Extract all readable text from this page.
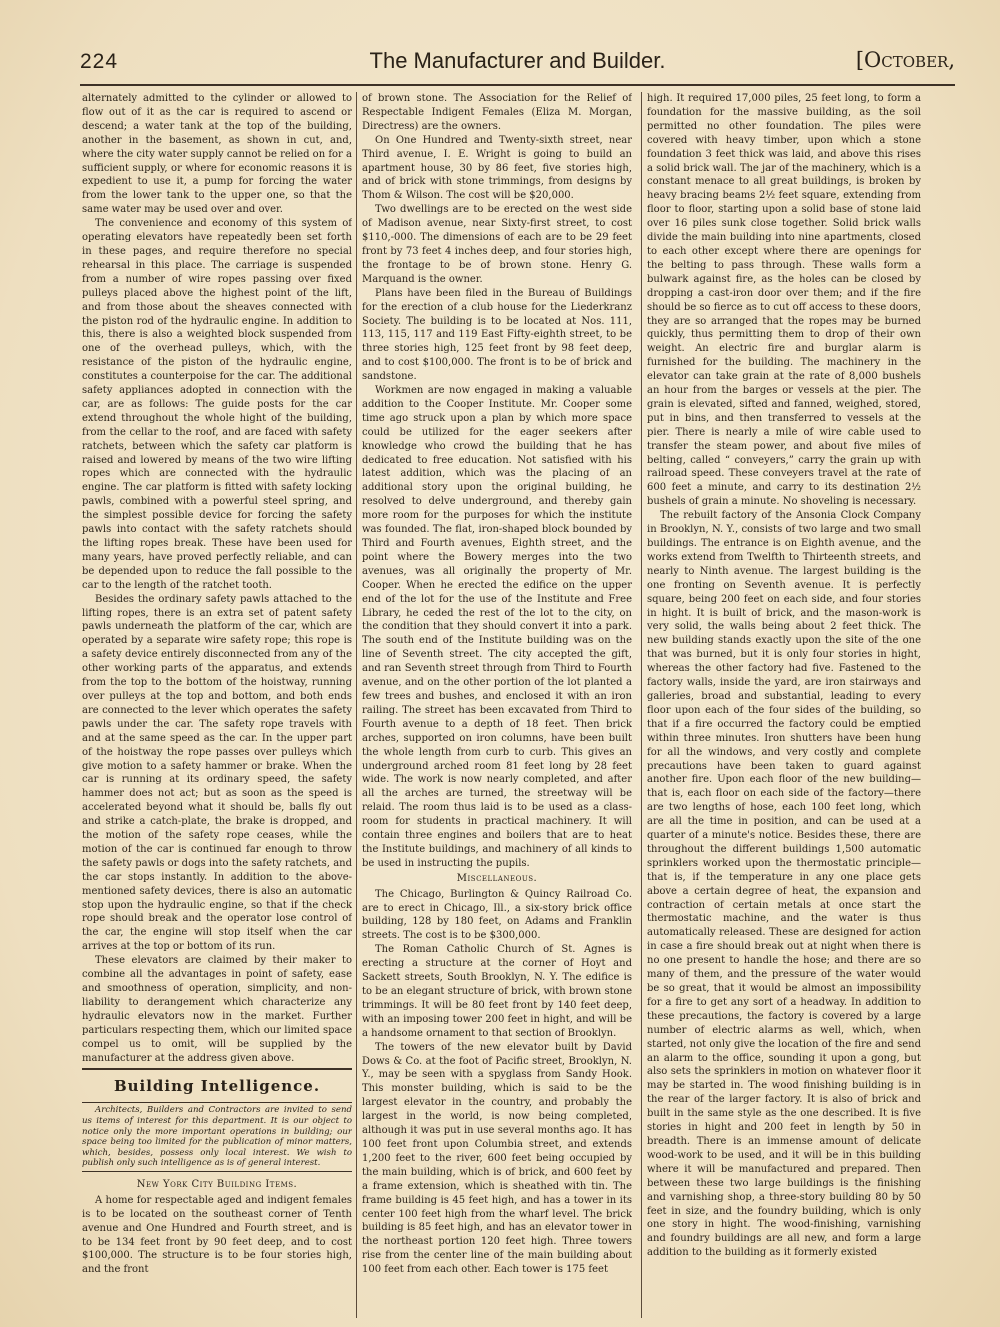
224	The Manufacturer and Builder.	[October,

alternately admitted to the cylinder or allowed to flow out of it as the car is required to ascend or descend; a water tank at the top of the building, another in the basement, as shown in cut, and, where the city water supply cannot be relied on for a sufficient supply, or where for economic reasons it is expedient to use it, a pump for forcing the water from the lower tank to the upper one, so that the same water may be used over and over.

The convenience and economy of this system of operating elevators have repeatedly been set forth in these pages, and require therefore no special rehearsal in this place. The carriage is suspended from a number of wire ropes passing over fixed pulleys placed above the highest point of the lift, and from those about the sheaves connected with the piston rod of the hydraulic engine. In addition to this, there is also a weighted block suspended from one of the overhead pulleys, which, with the resistance of the piston of the hydraulic engine, constitutes a counterpoise for the car. The additional safety appliances adopted in connection with the car, are as follows: The guide posts for the car extend throughout the whole hight of the building, from the cellar to the roof, and are faced with safety ratchets, between which the safety car platform is raised and lowered by means of the two wire lifting ropes which are connected with the hydraulic engine. The car platform is fitted with safety locking pawls, combined with a powerful steel spring, and the simplest possible device for forcing the safety pawls into contact with the safety ratchets should the lifting ropes break. These have been used for many years, have proved perfectly reliable, and can be depended upon to reduce the fall possible to the car to the length of the ratchet tooth.

Besides the ordinary safety pawls attached to the lifting ropes, there is an extra set of patent safety pawls underneath the platform of the car, which are operated by a separate wire safety rope; this rope is a safety device entirely disconnected from any of the other working parts of the apparatus, and extends from the top to the bottom of the hoistway, running over pulleys at the top and bottom, and both ends are connected to the lever which operates the safety pawls under the car. The safety rope travels with and at the same speed as the car. In the upper part of the hoistway the rope passes over pulleys which give motion to a safety hammer or brake. When the car is running at its ordinary speed, the safety hammer does not act; but as soon as the speed is accelerated beyond what it should be, balls fly out and strike a catch-plate, the brake is dropped, and the motion of the safety rope ceases, while the motion of the car is continued far enough to throw the safety pawls or dogs into the safety ratchets, and the car stops instantly. In addition to the above-mentioned safety devices, there is also an automatic stop upon the hydraulic engine, so that if the check rope should break and the operator lose control of the car, the engine will stop itself when the car arrives at the top or bottom of its run.

These elevators are claimed by their maker to combine all the advantages in point of safety, ease and smoothness of operation, simplicity, and non-liability to derangement which characterize any hydraulic elevators now in the market. Further particulars respecting them, which our limited space compel us to omit, will be supplied by the manufacturer at the address given above.

Building Intelligence.

Architects, Builders and Contractors are invited to send us items of interest for this department. It is our object to notice only the more important operations in building; our space being too limited for the publication of minor matters, which, besides, possess only local interest. We wish to publish only such intelligence as is of general interest.

New York City Building Items.

A home for respectable aged and indigent females is to be located on the southeast corner of Tenth avenue and One Hundred and Fourth street, and is to be 134 feet front by 90 feet deep, and to cost $100,000. The structure is to be four stories high, and the front

of brown stone. The Association for the Relief of Respectable Indigent Females (Eliza M. Morgan, Directress) are the owners.

On One Hundred and Twenty-sixth street, near Third avenue, I. E. Wright is going to build an apartment house, 30 by 86 feet, five stories high, and of brick with stone trimmings, from designs by Thom & Wilson. The cost will be $20,000.

Two dwellings are to be erected on the west side of Madison avenue, near Sixty-first street, to cost $110,-000. The dimensions of each are to be 29 feet front by 73 feet 4 inches deep, and four stories high, the frontage to be of brown stone. Henry G. Marquand is the owner.

Plans have been filed in the Bureau of Buildings for the erection of a club house for the Liederkranz Society. The building is to be located at Nos. 111, 113, 115, 117 and 119 East Fifty-eighth street, to be three stories high, 125 feet front by 98 feet deep, and to cost $100,000. The front is to be of brick and sandstone.

Workmen are now engaged in making a valuable addition to the Cooper Institute. Mr. Cooper some time ago struck upon a plan by which more space could be utilized for the eager seekers after knowledge who crowd the building that he has dedicated to free education. Not satisfied with his latest addition, which was the placing of an additional story upon the original building, he resolved to delve underground, and thereby gain more room for the purposes for which the institute was founded. The flat, iron-shaped block bounded by Third and Fourth avenues, Eighth street, and the point where the Bowery merges into the two avenues, was all originally the property of Mr. Cooper. When he erected the edifice on the upper end of the lot for the use of the Institute and Free Library, he ceded the rest of the lot to the city, on the condition that they should convert it into a park. The south end of the Institute building was on the line of Seventh street. The city accepted the gift, and ran Seventh street through from Third to Fourth avenue, and on the other portion of the lot planted a few trees and bushes, and enclosed it with an iron railing. The street has been excavated from Third to Fourth avenue to a depth of 18 feet. Then brick arches, supported on iron columns, have been built the whole length from curb to curb. This gives an underground arched room 81 feet long by 28 feet wide. The work is now nearly completed, and after all the arches are turned, the streetway will be relaid. The room thus laid is to be used as a class-room for students in practical machinery. It will contain three engines and boilers that are to heat the Institute buildings, and machinery of all kinds to be used in instructing the pupils.

Miscellaneous.

The Chicago, Burlington & Quincy Railroad Co. are to erect in Chicago, Ill., a six-story brick office building, 128 by 180 feet, on Adams and Franklin streets. The cost is to be $300,000.

The Roman Catholic Church of St. Agnes is erecting a structure at the corner of Hoyt and Sackett streets, South Brooklyn, N. Y. The edifice is to be an elegant structure of brick, with brown stone trimmings. It will be 80 feet front by 140 feet deep, with an imposing tower 200 feet in hight, and will be a handsome ornament to that section of Brooklyn.

The towers of the new elevator built by David Dows & Co. at the foot of Pacific street, Brooklyn, N. Y., may be seen with a spyglass from Sandy Hook. This monster building, which is said to be the largest elevator in the country, and probably the largest in the world, is now being completed, although it was put in use several months ago. It has 100 feet front upon Columbia street, and extends 1,200 feet to the river, 600 feet being occupied by the main building, which is of brick, and 600 feet by a frame extension, which is sheathed with tin. The frame building is 45 feet high, and has a tower in its center 100 feet high from the wharf level. The brick building is 85 feet high, and has an elevator tower in the northeast portion 120 feet high. Three towers rise from the center line of the main building about 100 feet from each other. Each tower is 175 feet

high. It required 17,000 piles, 25 feet long, to form a foundation for the massive building, as the soil permitted no other foundation. The piles were covered with heavy timber, upon which a stone foundation 3 feet thick was laid, and above this rises a solid brick wall. The jar of the machinery, which is a constant menace to all great buildings, is broken by heavy bracing beams 2½ feet square, extending from floor to floor, starting upon a solid base of stone laid over 16 piles sunk close together. Solid brick walls divide the main building into nine apartments, closed to each other except where there are openings for the belting to pass through. These walls form a bulwark against fire, as the holes can be closed by dropping a cast-iron door over them; and if the fire should be so fierce as to cut off access to these doors, they are so arranged that the ropes may be burned quickly, thus permitting them to drop of their own weight. An electric fire and burglar alarm is furnished for the building. The machinery in the elevator can take grain at the rate of 8,000 bushels an hour from the barges or vessels at the pier. The grain is elevated, sifted and fanned, weighed, stored, put in bins, and then transferred to vessels at the pier. There is nearly a mile of wire cable used to transfer the steam power, and about five miles of belting, called “ conveyers,” carry the grain up with railroad speed. These conveyers travel at the rate of 600 feet a minute, and carry to its destination 2½ bushels of grain a minute. No shoveling is necessary.

The rebuilt factory of the Ansonia Clock Company in Brooklyn, N. Y., consists of two large and two small buildings. The entrance is on Eighth avenue, and the works extend from Twelfth to Thirteenth streets, and nearly to Ninth avenue. The largest building is the one fronting on Seventh avenue. It is perfectly square, being 200 feet on each side, and four stories in hight. It is built of brick, and the mason-work is very solid, the walls being about 2 feet thick. The new building stands exactly upon the site of the one that was burned, but it is only four stories in hight, whereas the other factory had five. Fastened to the factory walls, inside the yard, are iron stairways and galleries, broad and substantial, leading to every floor upon each of the four sides of the building, so that if a fire occurred the factory could be emptied within three minutes. Iron shutters have been hung for all the windows, and very costly and complete precautions have been taken to guard against another fire. Upon each floor of the new building—that is, each floor on each side of the factory—there are two lengths of hose, each 100 feet long, which are all the time in position, and can be used at a quarter of a minute's notice. Besides these, there are throughout the different buildings 1,500 automatic sprinklers worked upon the thermostatic principle—that is, if the temperature in any one place gets above a certain degree of heat, the expansion and contraction of certain metals at once start the thermostatic machine, and the water is thus automatically released. These are designed for action in case a fire should break out at night when there is no one present to handle the hose; and there are so many of them, and the pressure of the water would be so great, that it would be almost an impossibility for a fire to get any sort of a headway. In addition to these precautions, the factory is covered by a large number of electric alarms as well, which, when started, not only give the location of the fire and send an alarm to the office, sounding it upon a gong, but also sets the sprinklers in motion on whatever floor it may be started in. The wood finishing building is in the rear of the larger factory. It is also of brick and built in the same style as the one described. It is five stories in hight and 200 feet in length by 50 in breadth. There is an immense amount of delicate wood-work to be used, and it will be in this building where it will be manufactured and prepared. Then between these two large buildings is the finishing and varnishing shop, a three-story building 80 by 50 feet in size, and the foundry building, which is only one story in hight. The wood-finishing, varnishing and foundry buildings are all new, and form a large addition to the building as it formerly existed
